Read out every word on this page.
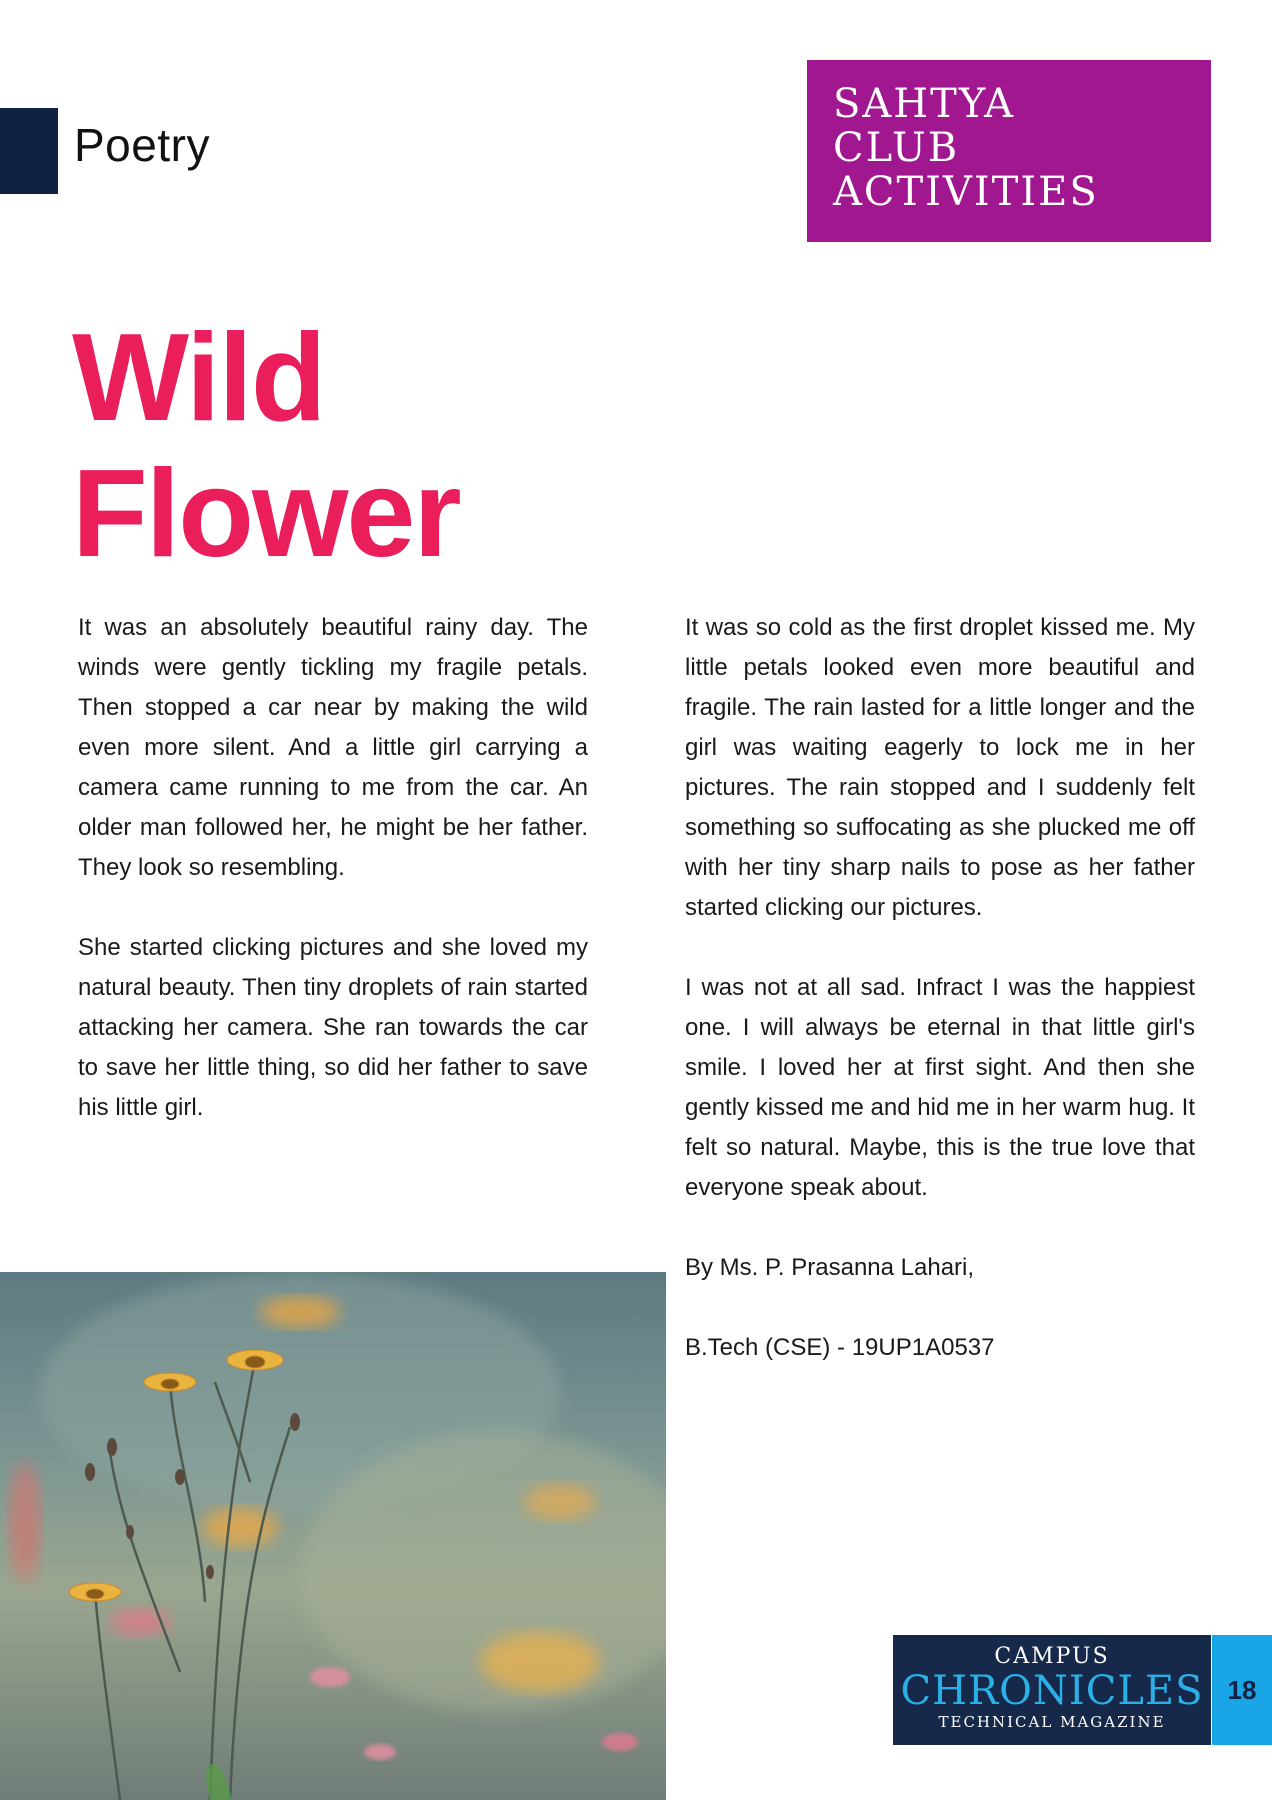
Poetry
SAHTYA
CLUB
ACTIVITIES
Wild
Flower

It was an absolutely beautiful rainy day. The winds were gently tickling my fragile petals. Then stopped a car near by making the wild even more silent. And a little girl carrying a camera came running to me from the car. An older man followed her, he might be her father. They look so resembling.

She started clicking pictures and she loved my natural beauty. Then tiny droplets of rain started attacking her camera. She ran towards the car to save her little thing, so did her father to save his little girl.

It was so cold as the first droplet kissed me. My little petals looked even more beautiful and fragile. The rain lasted for a little longer and the girl was waiting eagerly to lock me in her pictures. The rain stopped and I suddenly felt something so suffocating as she plucked me off with her tiny sharp nails to pose as her father started clicking our pictures.

I was not at all sad. Infract I was the happiest one. I will always be eternal in that little girl's smile. I loved her at first sight. And then she gently kissed me and hid me in her warm hug. It felt so natural. Maybe, this is the true love that everyone speak about.

By Ms. P. Prasanna Lahari,

B.Tech (CSE) - 19UP1A0537

CAMPUS
CHRONICLES
TECHNICAL MAGAZINE
18
